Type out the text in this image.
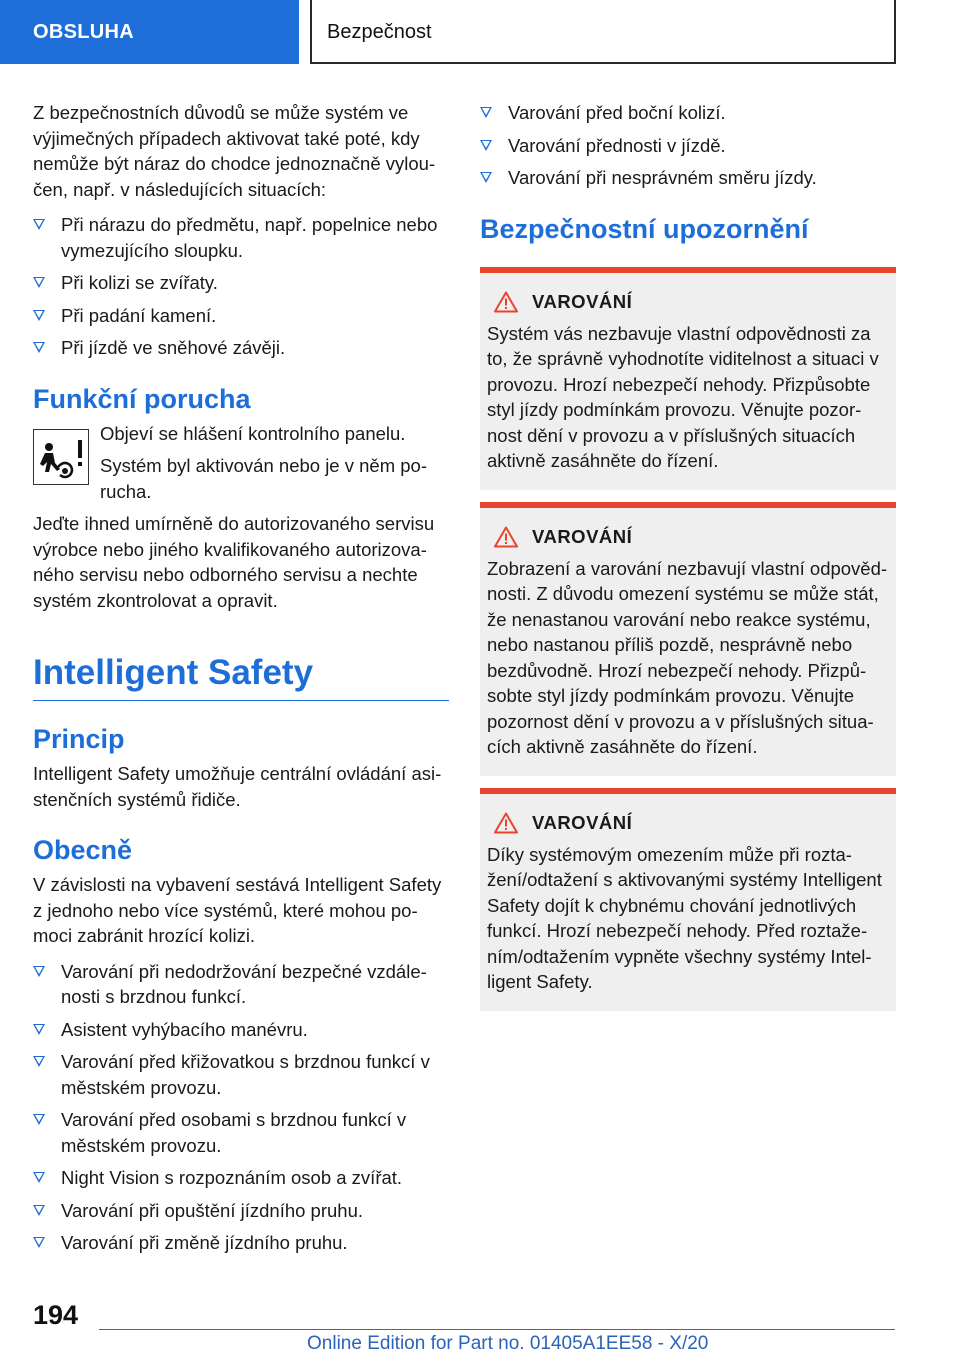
OBSLUHA	Bezpečnost

Z bezpečnostních důvodů se může systém ve výjimečných případech aktivovat také poté, kdy nemůže být náraz do chodce jednoznačně vylou-čen, např. v následujících situacích:

Při nárazu do předmětu, např. popelnice nebo vymezujícího sloupku.
Při kolizi se zvířaty.
Při padání kamení.
Při jízdě ve sněhové závěji.
Funkční porucha

Objeví se hlášení kontrolního panelu.

Systém byl aktivován nebo je v něm po-rucha.

Jeďte ihned umírněně do autorizovaného servisu výrobce nebo jiného kvalifikovaného autorizova-ného servisu nebo odborného servisu a nechte systém zkontrolovat a opravit.

Intelligent Safety
Princip

Intelligent Safety umožňuje centrální ovládání asi-stenčních systémů řidiče.

Obecně

V závislosti na vybavení sestává Intelligent Safety z jednoho nebo více systémů, které mohou po-moci zabránit hrozící kolizi.

Varování při nedodržování bezpečné vzdále-nosti s brzdnou funkcí.
Asistent vyhýbacího manévru.
Varování před křižovatkou s brzdnou funkcí v městském provozu.
Varování před osobami s brzdnou funkcí v městském provozu.
Night Vision s rozpoznáním osob a zvířat.
Varování při opuštění jízdního pruhu.
Varování při změně jízdního pruhu.
Varování před boční kolizí.
Varování přednosti v jízdě.
Varování při nesprávném směru jízdy.
Bezpečnostní upozornění
VAROVÁNÍ

Systém vás nezbavuje vlastní odpovědnosti za to, že správně vyhodnotíte viditelnost a situaci v provozu. Hrozí nebezpečí nehody. Přizpůsobte styl jízdy podmínkám provozu. Věnujte pozor-nost dění v provozu a v příslušných situacích aktivně zasáhněte do řízení.

VAROVÁNÍ

Zobrazení a varování nezbavují vlastní odpověd-nosti. Z důvodu omezení systému se může stát, že nenastanou varování nebo reakce systému, nebo nastanou příliš pozdě, nesprávně nebo bezdůvodně. Hrozí nebezpečí nehody. Přizpů-sobte styl jízdy podmínkám provozu. Věnujte pozornost dění v provozu a v příslušných situa-cích aktivně zasáhněte do řízení.

VAROVÁNÍ

Díky systémovým omezením může při rozta-žení/odtažení s aktivovanými systémy Intelligent Safety dojít k chybnému chování jednotlivých funkcí. Hrozí nebezpečí nehody. Před roztaže-ním/odtažením vypněte všechny systémy Intel-ligent Safety.

194
Online Edition for Part no. 01405A1EE58 - X/20
